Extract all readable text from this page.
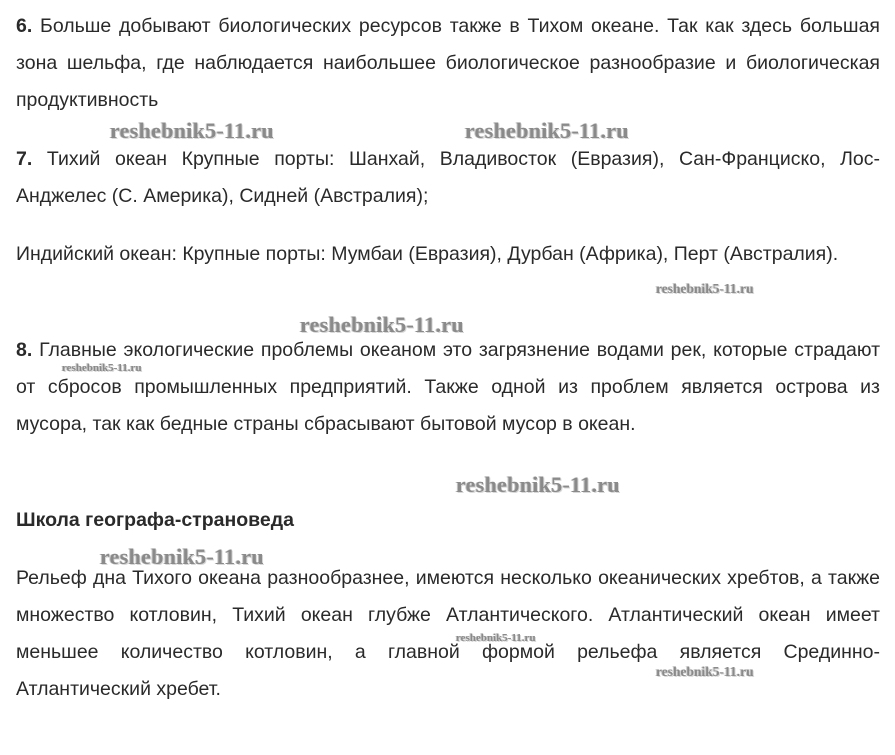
6. Больше добывают биологических ресурсов также в Тихом океане. Так как здесь большая зона шельфа, где наблюдается наибольшее биологическое разнообразие и биологическая продуктивность

7. Тихий океан Крупные порты: Шанхай, Владивосток (Евразия), Сан-Франциско, Лос-Анджелес (С. Америка), Сидней (Австралия);

Индийский океан: Крупные порты: Мумбаи (Евразия), Дурбан (Африка), Перт (Австралия).

8. Главные экологические проблемы океаном это загрязнение водами рек, которые страдают от сбросов промышленных предприятий. Также одной из проблем является острова из мусора, так как бедные страны сбрасывают бытовой мусор в океан.

Школа географа-страноведа

Рельеф дна Тихого океана разнообразнее, имеются несколько океанических хребтов, а также множество котловин, Тихий океан глубже Атлантического. Атлантический океан имеет меньшее количество котловин, а главной формой рельефа является Срединно-Атлантический хребет.

reshebnik5-11.ru	reshebnik5-11.ru
reshebnik5-11.ru
reshebnik5-11.ru
reshebnik5-11.ru
reshebnik5-11.ru
reshebnik5-11.ru
reshebnik5-11.ru
reshebnik5-11.ru
